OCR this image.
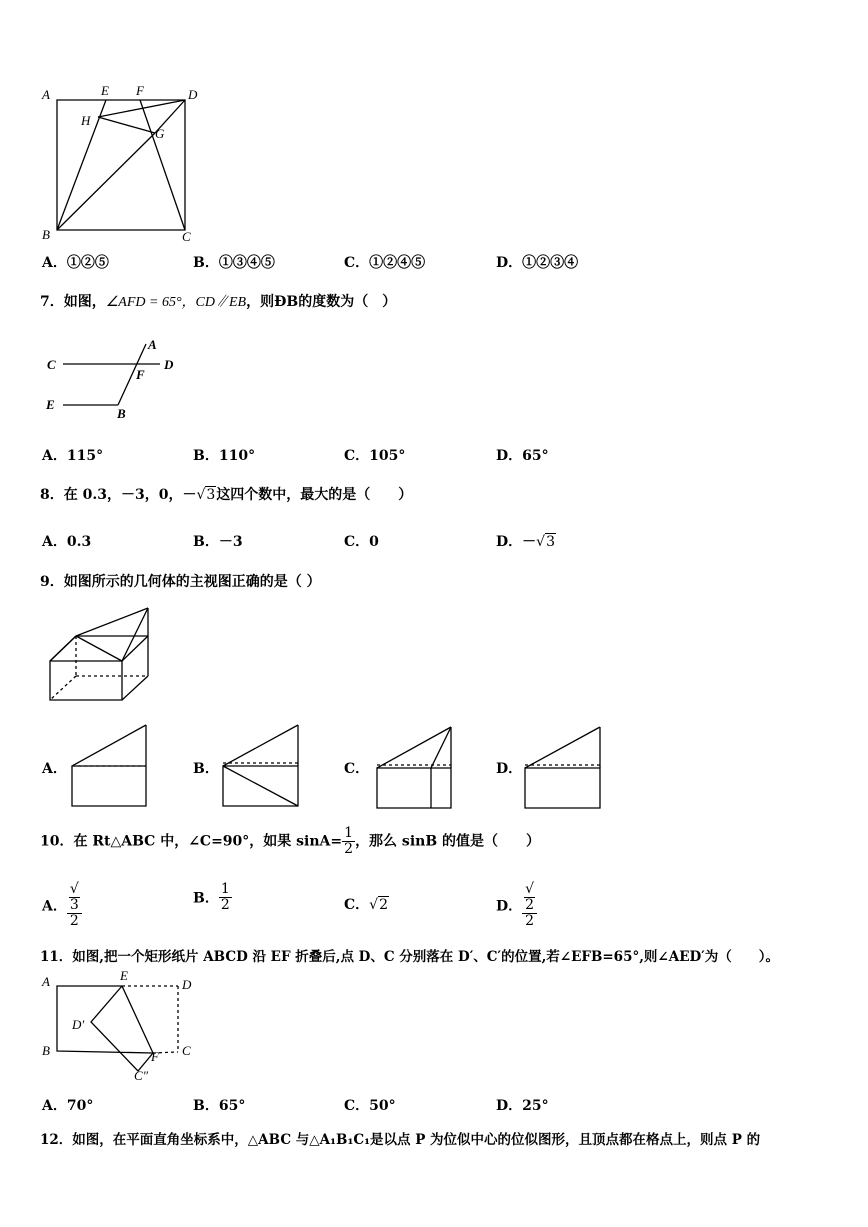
A	E F	D
H
G
B	C
A．①②⑤	B．①③④⑤	C．①②④⑤	D．①②③④
7．如图，∠AFD = 65°，CD∥EB，则ÐB的度数为（　）
C
A
D
F
E
B
A．115°	B．110°	C．105°	D．65°
8．在 0.3，－3，0，－√3这四个数中，最大的是（　　）
A．0.3	B．－3	C．0	D．－√3
9．如图所示的几何体的主视图正确的是（ ）
A．	B．	C．	D．
10．在 Rt△ABC 中，∠C=90°，如果 $\sin A= \frac{1}{2}$ ，那么 sinB 的值是（　　）
A． √
3
2	B． $\frac{1}{2}$	C．√2	D． √
2
2
11．如图,把一个矩形纸片 ABCD 沿 EF 折叠后,点 D、C 分别落在 D′、C′的位置,若∠EFB=65°,则∠AED′为（　　）。
A	E
D
D′
B	F C
C″
A．70°	B．65°	C．50°	D．25°
12．如图，在平面直角坐标系中，△ABC 与△A₁B₁C₁是以点 P 为位似中心的位似图形，且顶点都在格点上，则点 P 的
